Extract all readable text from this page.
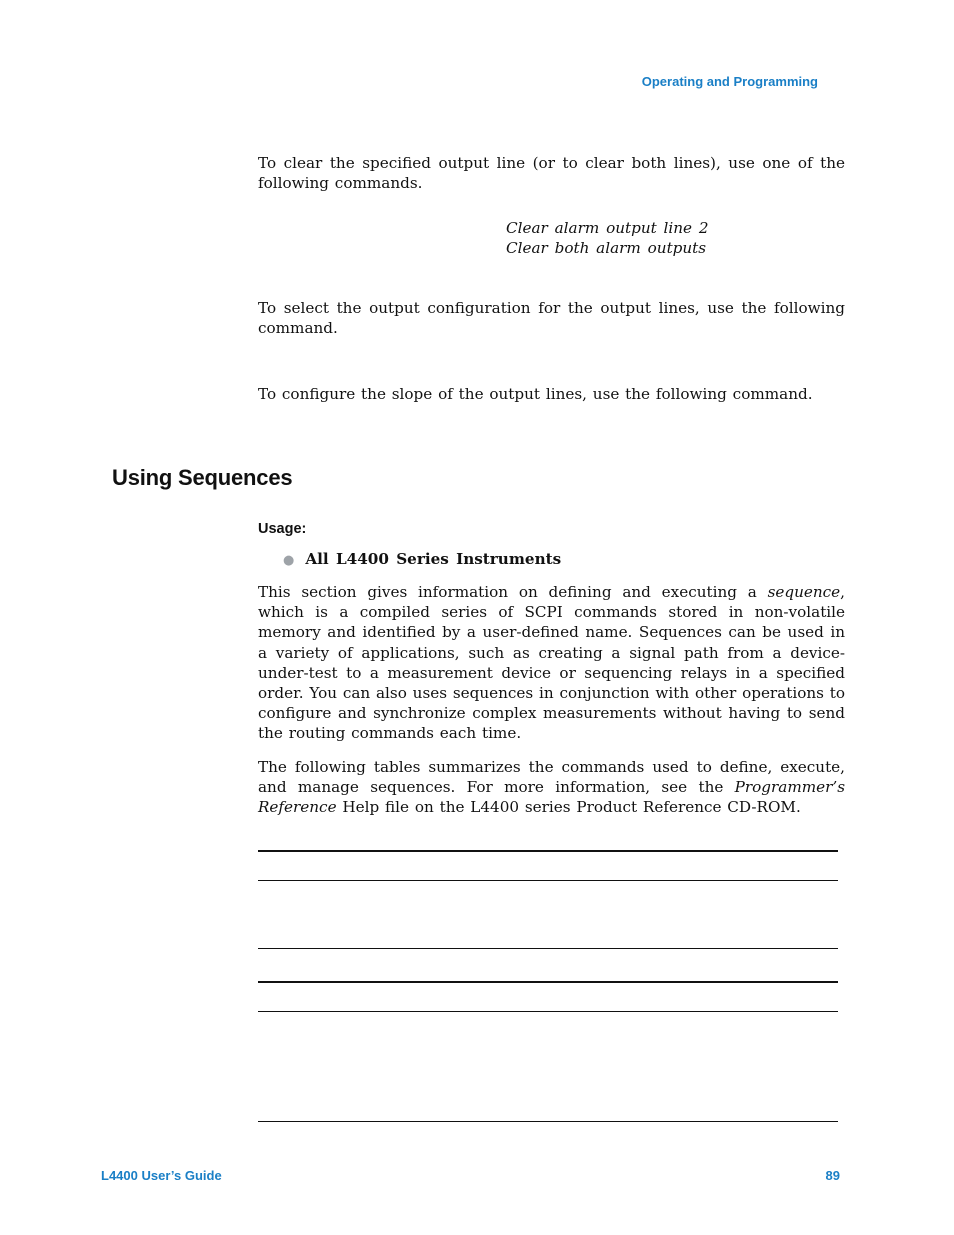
Operating and Programming

To clear the specified output line (or to clear both lines), use one of the following commands.

Clear alarm output line 2
Clear both alarm outputs

To select the output configuration for the output lines, use the following command.

To configure the slope of the output lines, use the following command.

Using Sequences
Usage:
● All L4400 Series Instruments

This section gives information on defining and executing a sequence, which is a compiled series of SCPI commands stored in non-volatile memory and identified by a user-defined name. Sequences can be used in a variety of applications, such as creating a signal path from a device-under-test to a measurement device or sequencing relays in a specified order. You can also uses sequences in conjunction with other operations to configure and synchronize complex measurements without having to send the routing commands each time.

The following tables summarizes the commands used to define, execute, and manage sequences. For more information, see the Programmer’s Reference Help file on the L4400 series Product Reference CD-ROM.

L4400 User’s Guide	89
